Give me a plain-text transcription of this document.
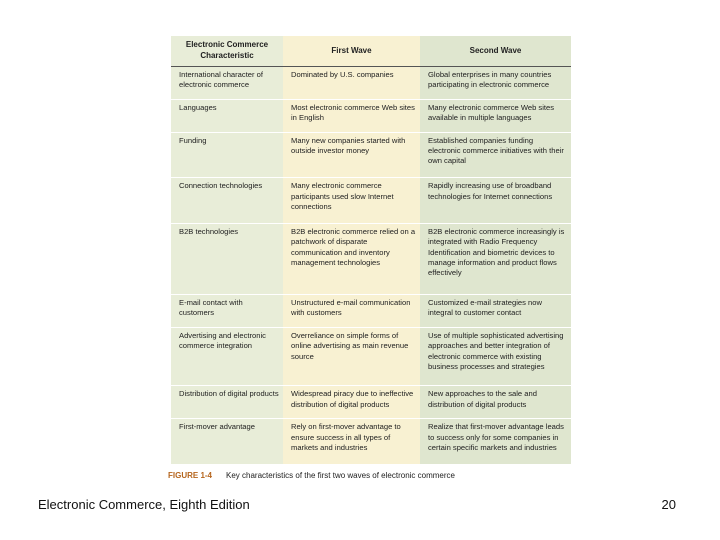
Electronic Commerce Characteristic	First Wave	Second Wave
International character of electronic commerce	Dominated by U.S. companies	Global enterprises in many countries participating in electronic commerce
Languages	Most electronic commerce Web sites in English	Many electronic commerce Web sites available in multiple languages
Funding	Many new companies started with outside investor money	Established companies funding electronic commerce initiatives with their own capital
Connection technologies	Many electronic commerce participants used slow Internet connections	Rapidly increasing use of broadband technologies for Internet connections
B2B technologies	B2B electronic commerce relied on a patchwork of disparate communication and inventory management technologies	B2B electronic commerce increasingly is integrated with Radio Frequency Identification and biometric devices to manage information and product flows effectively
E-mail contact with customers	Unstructured e-mail communication with customers	Customized e-mail strategies now integral to customer contact
Advertising and electronic commerce integration	Overreliance on simple forms of online advertising as main revenue source	Use of multiple sophisticated advertising approaches and better integration of electronic commerce with existing business processes and strategies
Distribution of digital products	Widespread piracy due to ineffective distribution of digital products	New approaches to the sale and distribution of digital products
First-mover advantage	Rely on first-mover advantage to ensure success in all types of markets and industries	Realize that first-mover advantage leads to success only for some companies in certain specific markets and industries
FIGURE 1-4 Key characteristics of the first two waves of electronic commerce
Electronic Commerce, Eighth Edition	20
